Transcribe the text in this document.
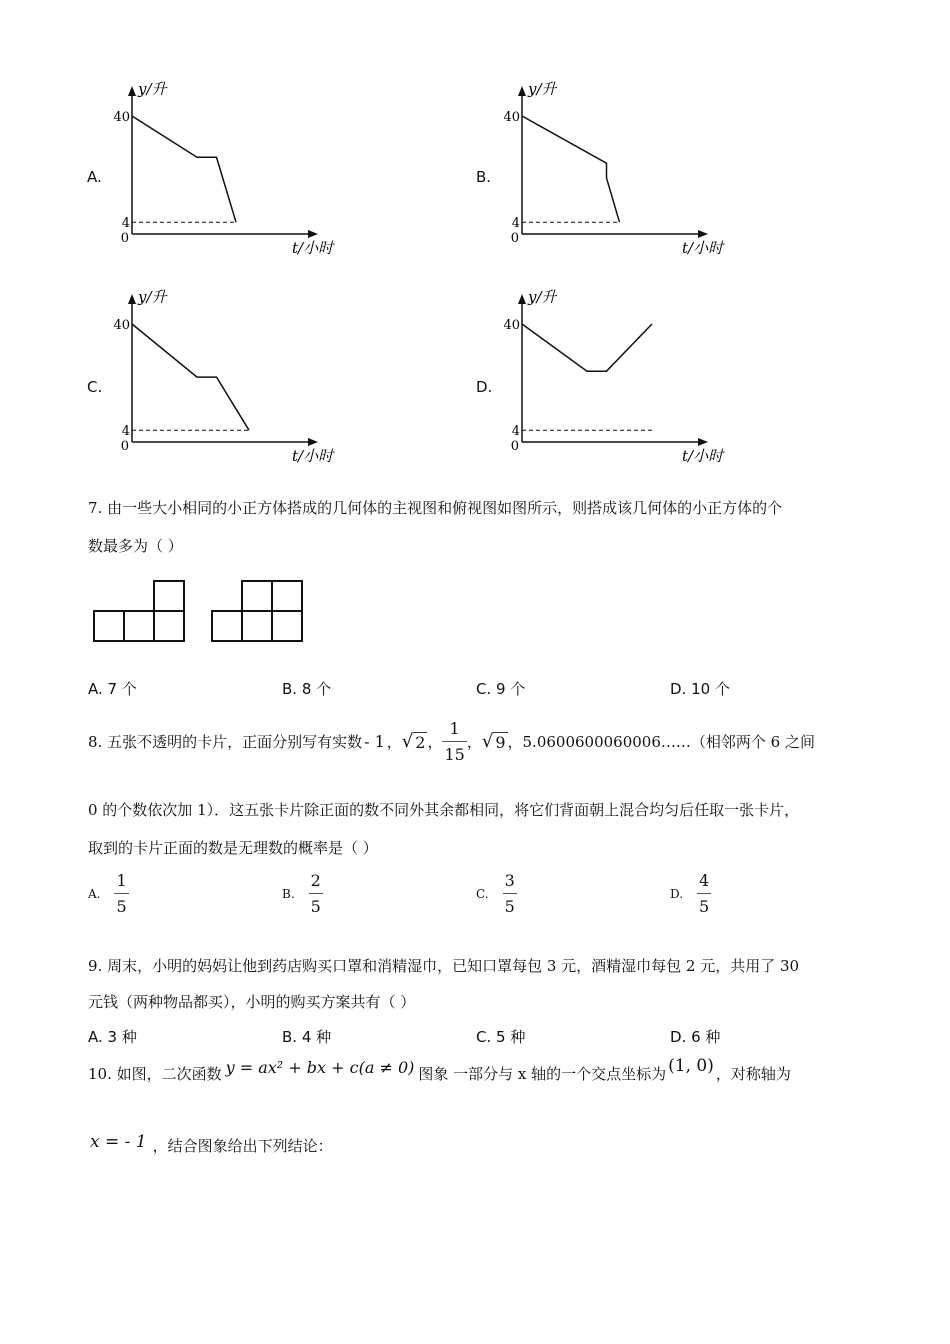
A.	B.
C.	D.
y/升
t/小时
40
4
0
y/升
t/小时
40
4
0
y/升
t/小时
40
4
0
y/升
t/小时
40
4
0
7. 由一些大小相同的小正方体搭成的几何体的主视图和俯视图如图所示，则搭成该几何体的小正方体的个
数最多为（ ）
A. 7 个	B. 8 个	C. 9 个	D. 10 个
8. 五张不透明的卡片，正面分别写有实数 - 1 ， √ 2 ， $\frac{1}{15}$ ， √ 9 ，5.0600600060006……（相邻两个 6 之间
0 的个数依次加 1）．这五张卡片除正面的数不同外其余都相同，将它们背面朝上混合均匀后任取一张卡片，
取到的卡片正面的数是无理数的概率是（ ）
A. $\frac{1}{5}$	B. $\frac{2}{5}$	C. $\frac{3}{5}$	D. $\frac{4}{5}$
9. 周末，小明的妈妈让他到药店购买口罩和消精湿巾，已知口罩每包 3 元，酒精湿巾每包 2 元，共用了 30
元钱（两种物品都买），小明的购买方案共有（ ）
A. 3 种	B. 4 种	C. 5 种	D. 6 种
10. 如图，二次函数 y = ax² + bx + c(a ≠ 0) 图象 一部分与 x 轴的一个交点坐标为 (1, 0) ，对称轴为
x = - 1 ，结合图象给出下列结论：
